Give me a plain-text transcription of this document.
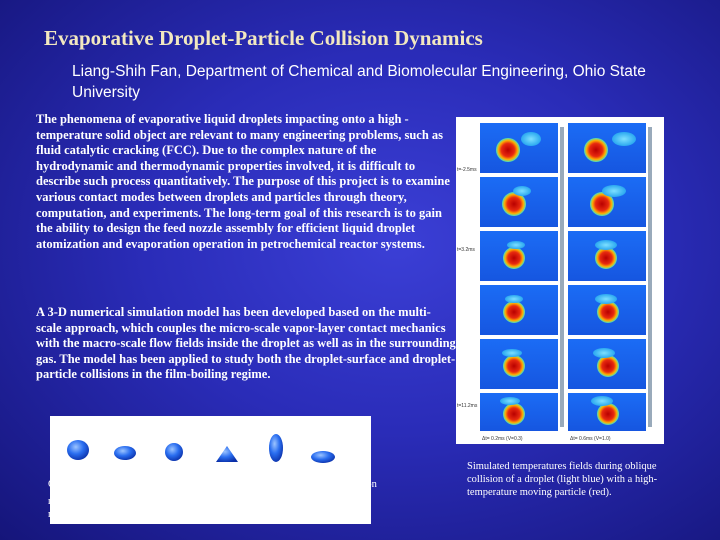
Evaporative Droplet-Particle Collision Dynamics
Liang-Shih Fan, Department of Chemical and Biomolecular Engineering, Ohio State University
The phenomena of evaporative liquid droplets impacting onto a high -temperature solid object are relevant to many engineering problems, such as fluid catalytic cracking (FCC). Due to the complex nature of the hydrodynamic and thermodynamic properties involved, it is difficult to describe such process quantitatively. The purpose of this project is to examine various contact modes between droplets and particles through theory, computation, and experiments. The long-term goal of this research is to gain the ability to design the feed nozzle assembly for efficient liquid droplet atomization and evaporation operation in petrochemical reactor systems.
A 3-D numerical simulation model has been developed based on the multi-scale approach, which couples the micro-scale vapor-layer contact mechanics with the macro-scale flow fields inside the droplet as well as in the surrounding gas. The model has been applied to study both the droplet-surface and droplet-particle collisions in the film-boiling regime.
t=-2.5ms
t=3.2ms
t=11.2ms
Δt= 0.2ms (V=0.3)	Δt= 0.6ms (V=1.0)
Oblique impact of a water droplet upon a flat surface $(We_n=6)$. The simulation results correspond to t= -2.6ms, 2.4 ms, 10.0 ms, 14.0 ms, 19.0 ms, and 24.0 ms, respectively.
Simulated temperatures fields during oblique collision of a droplet (light blue) with a high-temperature moving particle (red).
